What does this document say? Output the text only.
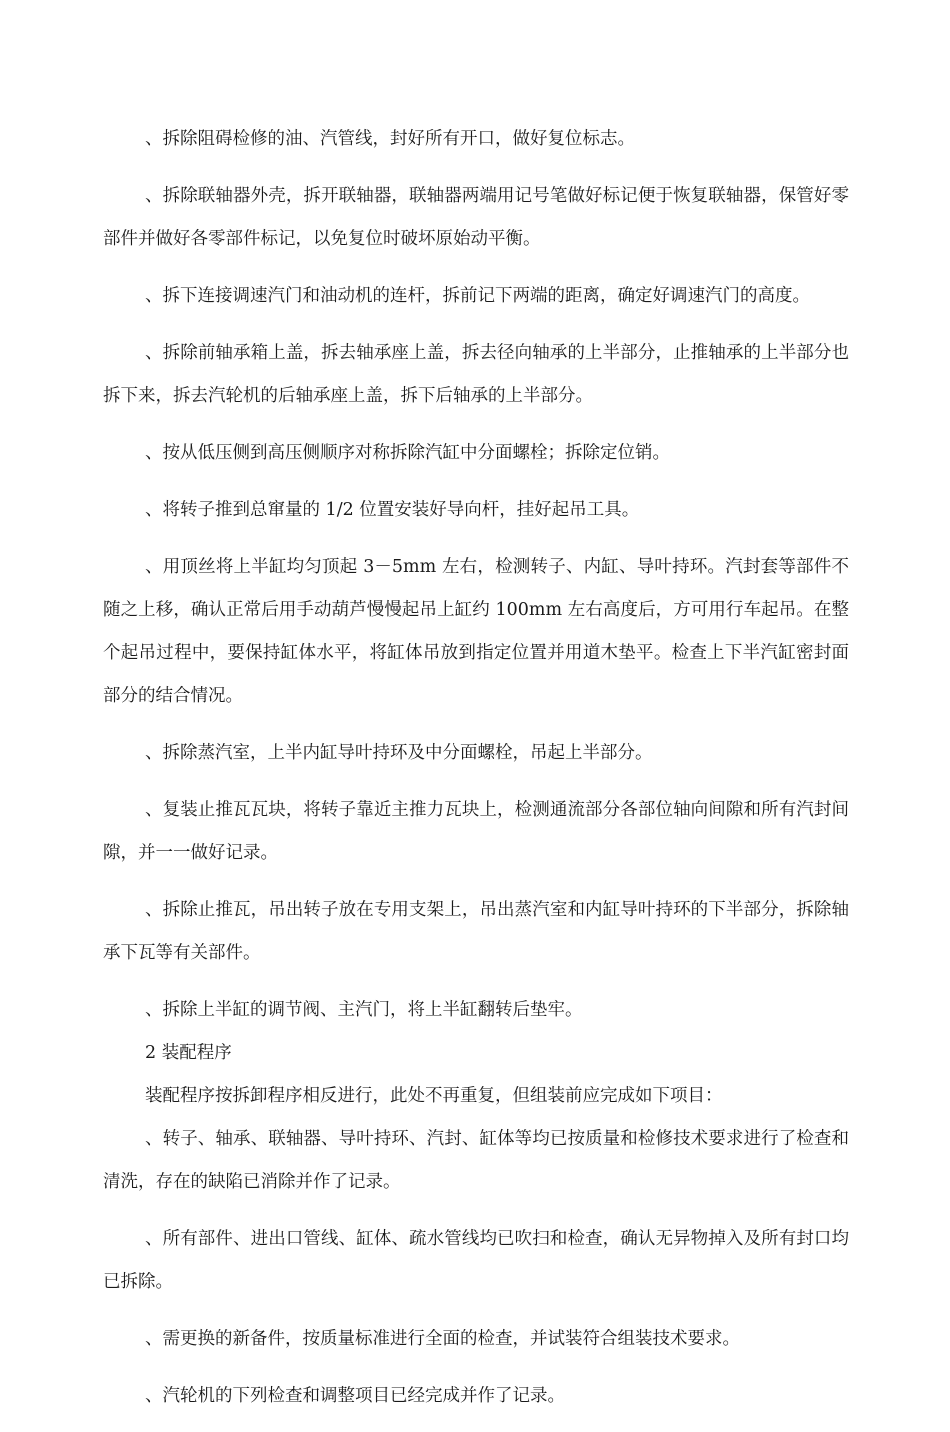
、拆除阻碍检修的油、汽管线，封好所有开口，做好复位标志。

、拆除联轴器外壳，拆开联轴器，联轴器两端用记号笔做好标记便于恢复联轴器，保管好零部件并做好各零部件标记，以免复位时破坏原始动平衡。

、拆下连接调速汽门和油动机的连杆，拆前记下两端的距离，确定好调速汽门的高度。

、拆除前轴承箱上盖，拆去轴承座上盖，拆去径向轴承的上半部分，止推轴承的上半部分也拆下来，拆去汽轮机的后轴承座上盖，拆下后轴承的上半部分。

、按从低压侧到高压侧顺序对称拆除汽缸中分面螺栓；拆除定位销。

、将转子推到总窜量的 1/2 位置安装好导向杆，挂好起吊工具。

、用顶丝将上半缸均匀顶起 3－5mm 左右，检测转子、内缸、导叶持环。汽封套等部件不随之上移，确认正常后用手动葫芦慢慢起吊上缸约 100mm 左右高度后，方可用行车起吊。在整个起吊过程中，要保持缸体水平，将缸体吊放到指定位置并用道木垫平。检查上下半汽缸密封面部分的结合情况。

、拆除蒸汽室，上半内缸导叶持环及中分面螺栓，吊起上半部分。

、复装止推瓦瓦块，将转子靠近主推力瓦块上，检测通流部分各部位轴向间隙和所有汽封间隙，并一一做好记录。

、拆除止推瓦，吊出转子放在专用支架上，吊出蒸汽室和内缸导叶持环的下半部分，拆除轴承下瓦等有关部件。

、拆除上半缸的调节阀、主汽门，将上半缸翻转后垫牢。

2 装配程序

装配程序按拆卸程序相反进行，此处不再重复，但组装前应完成如下项目：

、转子、轴承、联轴器、导叶持环、汽封、缸体等均已按质量和检修技术要求进行了检查和清洗，存在的缺陷已消除并作了记录。

、所有部件、进出口管线、缸体、疏水管线均已吹扫和检查，确认无异物掉入及所有封口均已拆除。

、需更换的新备件，按质量标准进行全面的检查，并试装符合组装技术要求。

、汽轮机的下列检查和调整项目已经完成并作了记录。
